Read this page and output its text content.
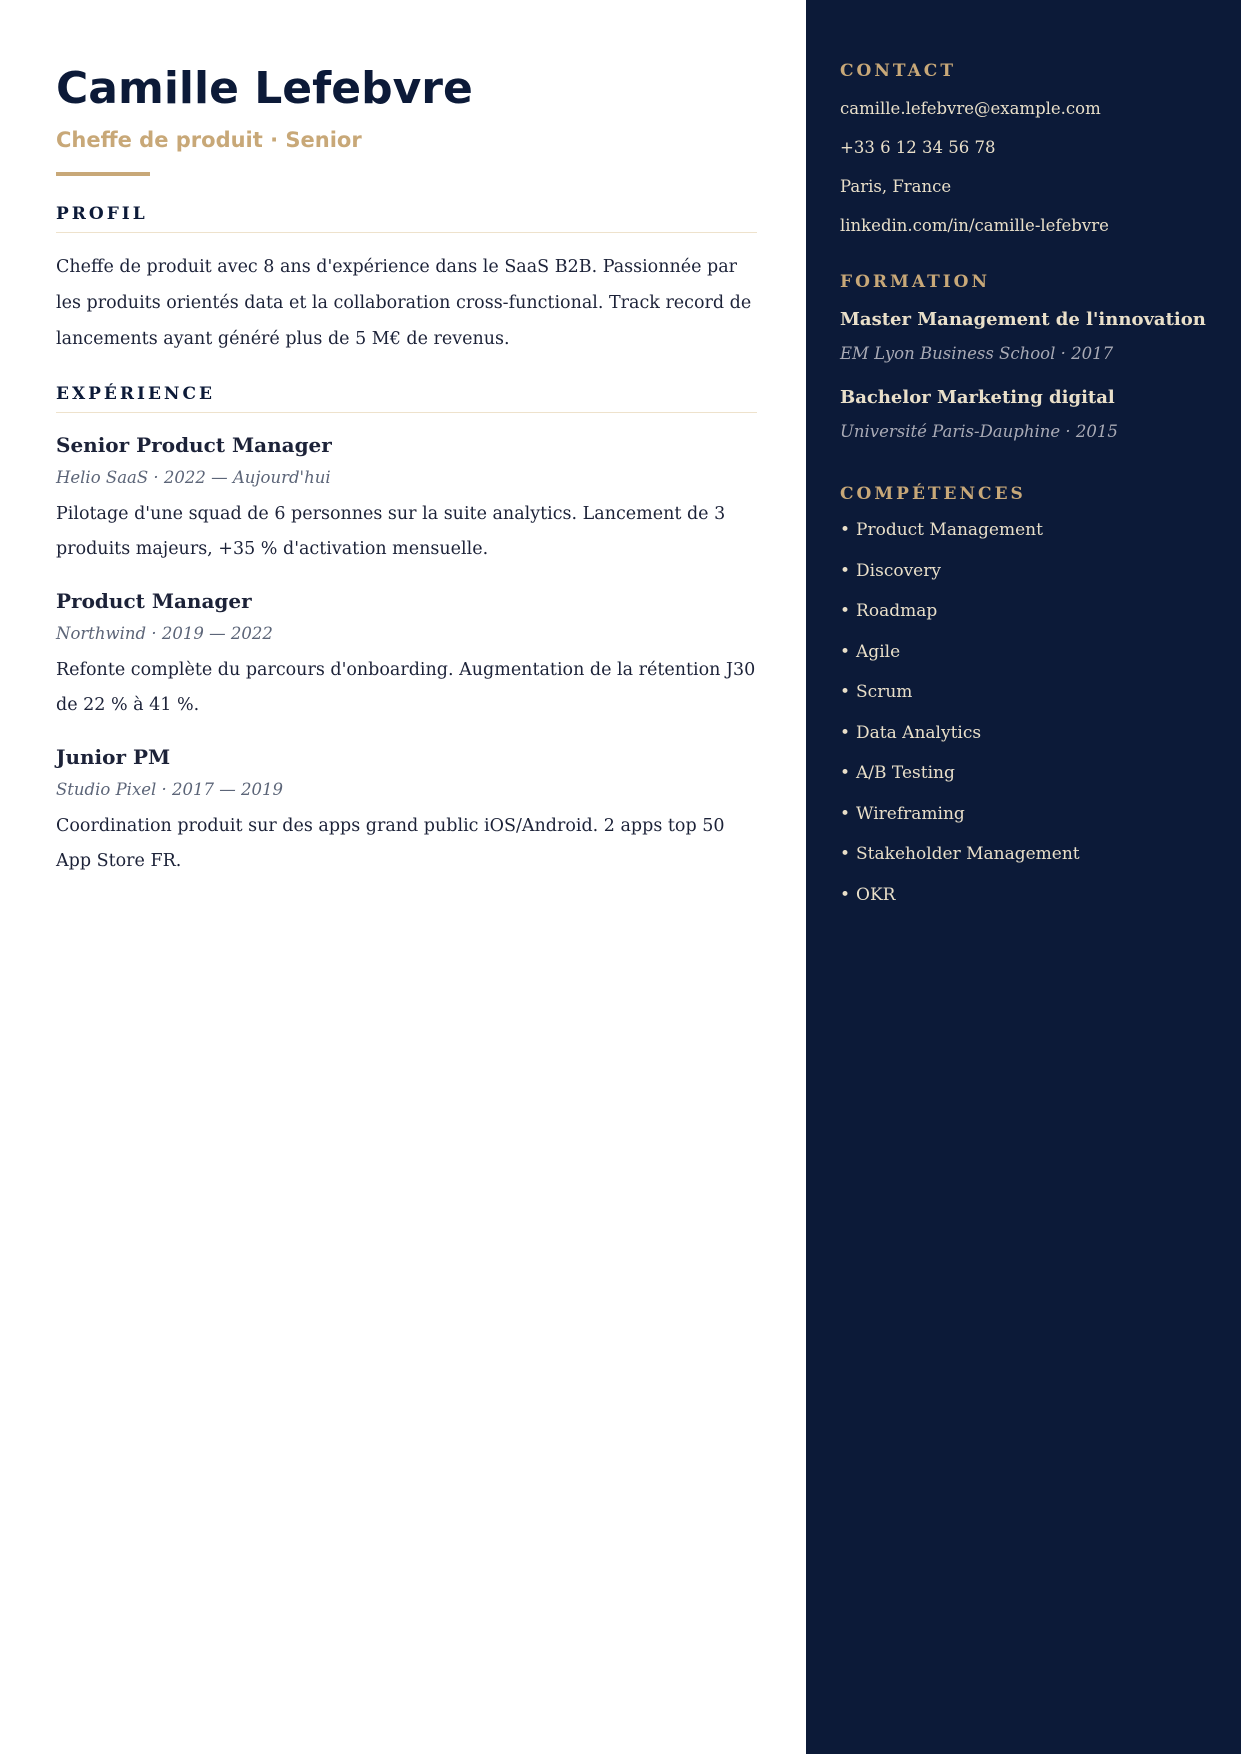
Camille Lefebvre
Cheffe de produit · Senior
PROFIL
Cheffe de produit avec 8 ans d'expérience dans le SaaS B2B. Passionnée par les produits orientés data et la collaboration cross-functional. Track record de lancements ayant généré plus de 5 M€ de revenus.
EXPÉRIENCE
Senior Product Manager
Helio SaaS · 2022 — Aujourd'hui
Pilotage d'une squad de 6 personnes sur la suite analytics. Lancement de 3 produits majeurs, +35 % d'activation mensuelle.
Product Manager
Northwind · 2019 — 2022
Refonte complète du parcours d'onboarding. Augmentation de la rétention J30 de 22 % à 41 %.
Junior PM
Studio Pixel · 2017 — 2019
Coordination produit sur des apps grand public iOS/Android. 2 apps top 50 App Store FR.
CONTACT
camille.lefebvre@example.com
+33 6 12 34 56 78
Paris, France
linkedin.com/in/camille-lefebvre
FORMATION
Master Management de l'innovation
EM Lyon Business School · 2017
Bachelor Marketing digital
Université Paris-Dauphine · 2015
COMPÉTENCES
• Product Management
• Discovery
• Roadmap
• Agile
• Scrum
• Data Analytics
• A/B Testing
• Wireframing
• Stakeholder Management
• OKR
